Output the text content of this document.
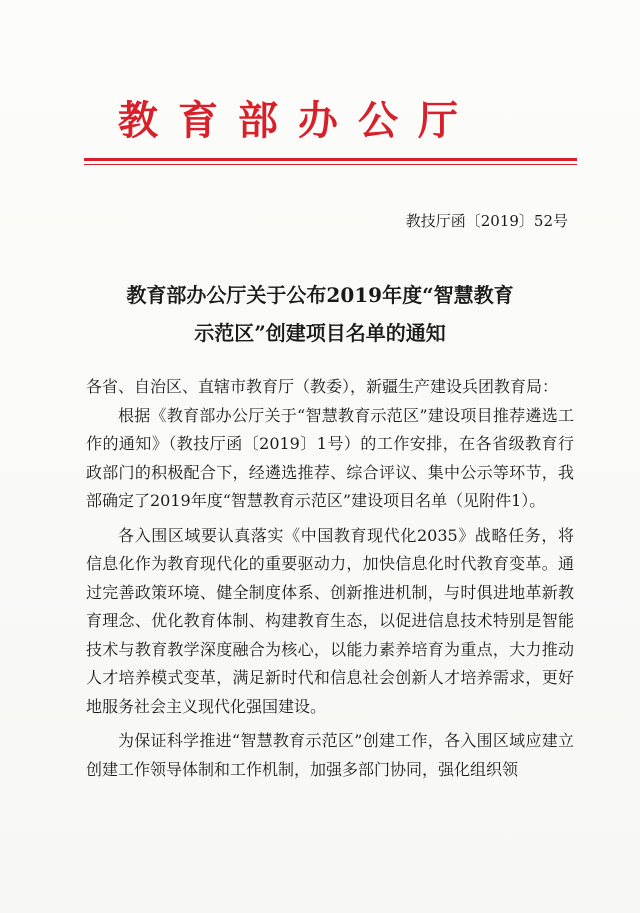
教育部办公厅
教技厅函〔2019〕52号
教育部办公厅关于公布2019年度“智慧教育
示范区”创建项目名单的通知

各省、自治区、直辖市教育厅（教委），新疆生产建设兵团教育局：

根据《教育部办公厅关于“智慧教育示范区”建设项目推荐遴选工作的通知》（教技厅函〔2019〕1号）的工作安排，在各省级教育行政部门的积极配合下，经遴选推荐、综合评议、集中公示等环节，我部确定了2019年度“智慧教育示范区”建设项目名单（见附件1）。

各入围区域要认真落实《中国教育现代化2035》战略任务，将信息化作为教育现代化的重要驱动力，加快信息化时代教育变革。通过完善政策环境、健全制度体系、创新推进机制，与时俱进地革新教育理念、优化教育体制、构建教育生态，以促进信息技术特别是智能技术与教育教学深度融合为核心，以能力素养培育为重点，大力推动人才培养模式变革，满足新时代和信息社会创新人才培养需求，更好地服务社会主义现代化强国建设。

为保证科学推进“智慧教育示范区”创建工作，各入围区域应建立创建工作领导体制和工作机制，加强多部门协同，强化组织领
